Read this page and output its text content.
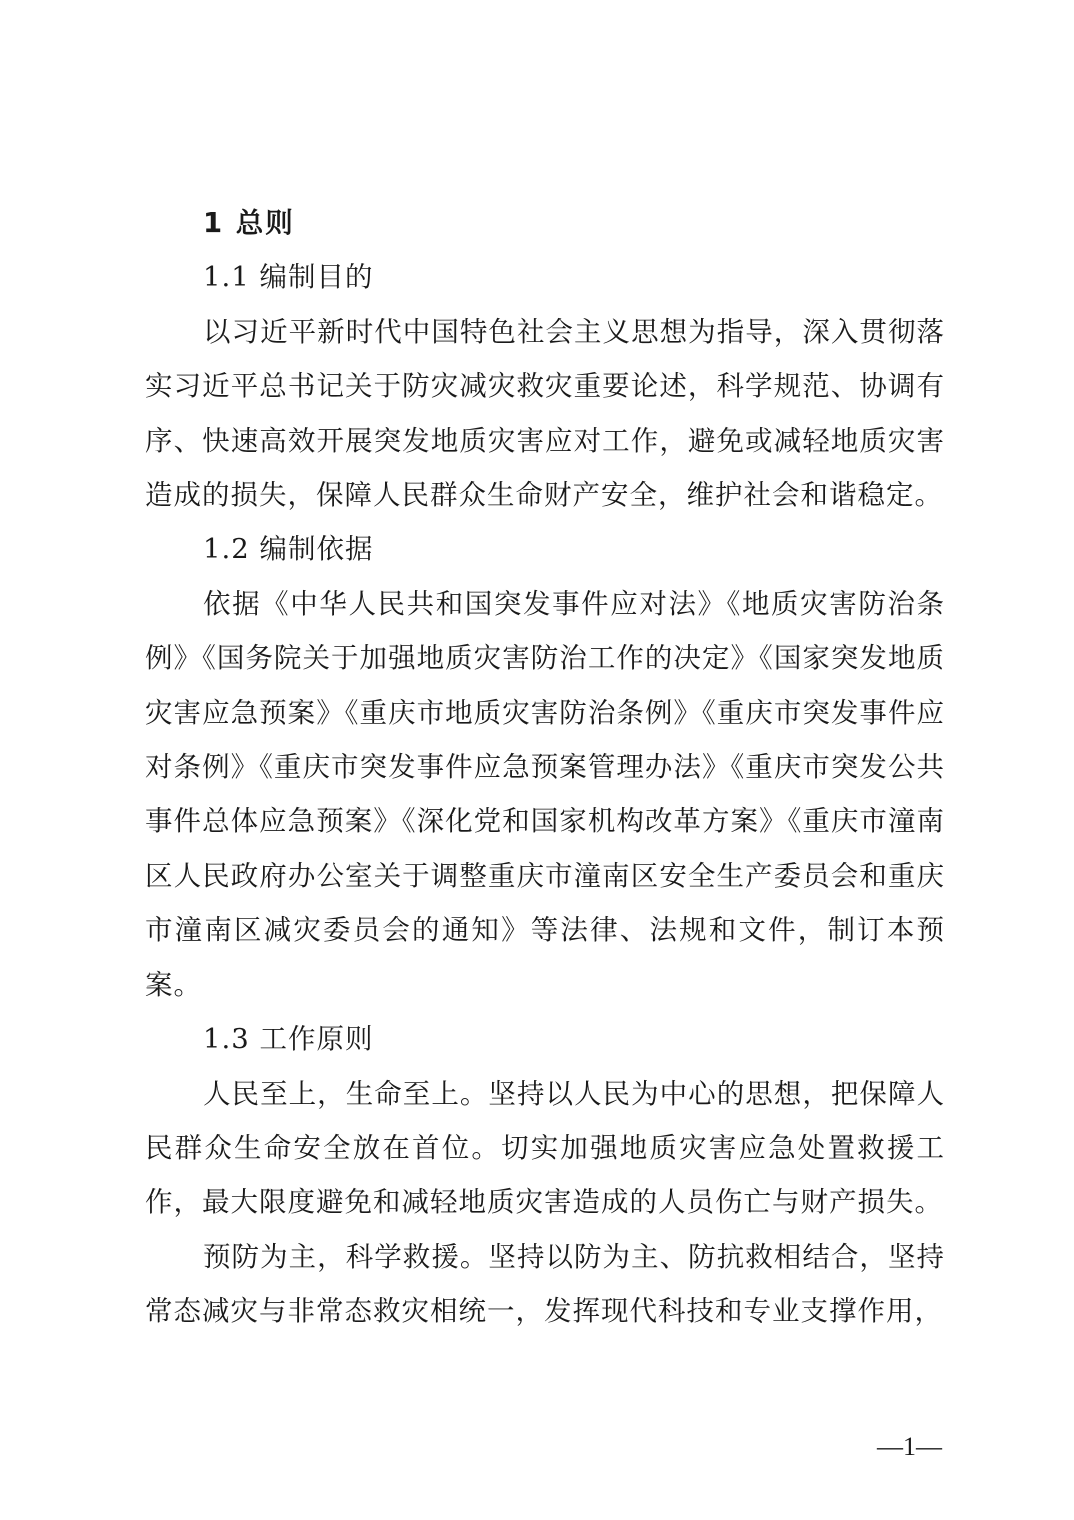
1 总则

1.1 编制目的

以习近平新时代中国特色社会主义思想为指导，深入贯彻落实习近平总书记关于防灾减灾救灾重要论述，科学规范、协调有序、快速高效开展突发地质灾害应对工作，避免或减轻地质灾害造成的损失，保障人民群众生命财产安全，维护社会和谐稳定。

1.2 编制依据

依据《中华人民共和国突发事件应对法》《地质灾害防治条例》《国务院关于加强地质灾害防治工作的决定》《国家突发地质灾害应急预案》《重庆市地质灾害防治条例》《重庆市突发事件应对条例》《重庆市突发事件应急预案管理办法》《重庆市突发公共事件总体应急预案》《深化党和国家机构改革方案》《重庆市潼南区人民政府办公室关于调整重庆市潼南区安全生产委员会和重庆市潼南区减灾委员会的通知》等法律、法规和文件，制订本预案。

1.3 工作原则

人民至上，生命至上。坚持以人民为中心的思想，把保障人民群众生命安全放在首位。切实加强地质灾害应急处置救援工作，最大限度避免和减轻地质灾害造成的人员伤亡与财产损失。

预防为主，科学救援。坚持以防为主、防抗救相结合，坚持常态减灾与非常态救灾相统一，发挥现代科技和专业支撑作用，

—1—
